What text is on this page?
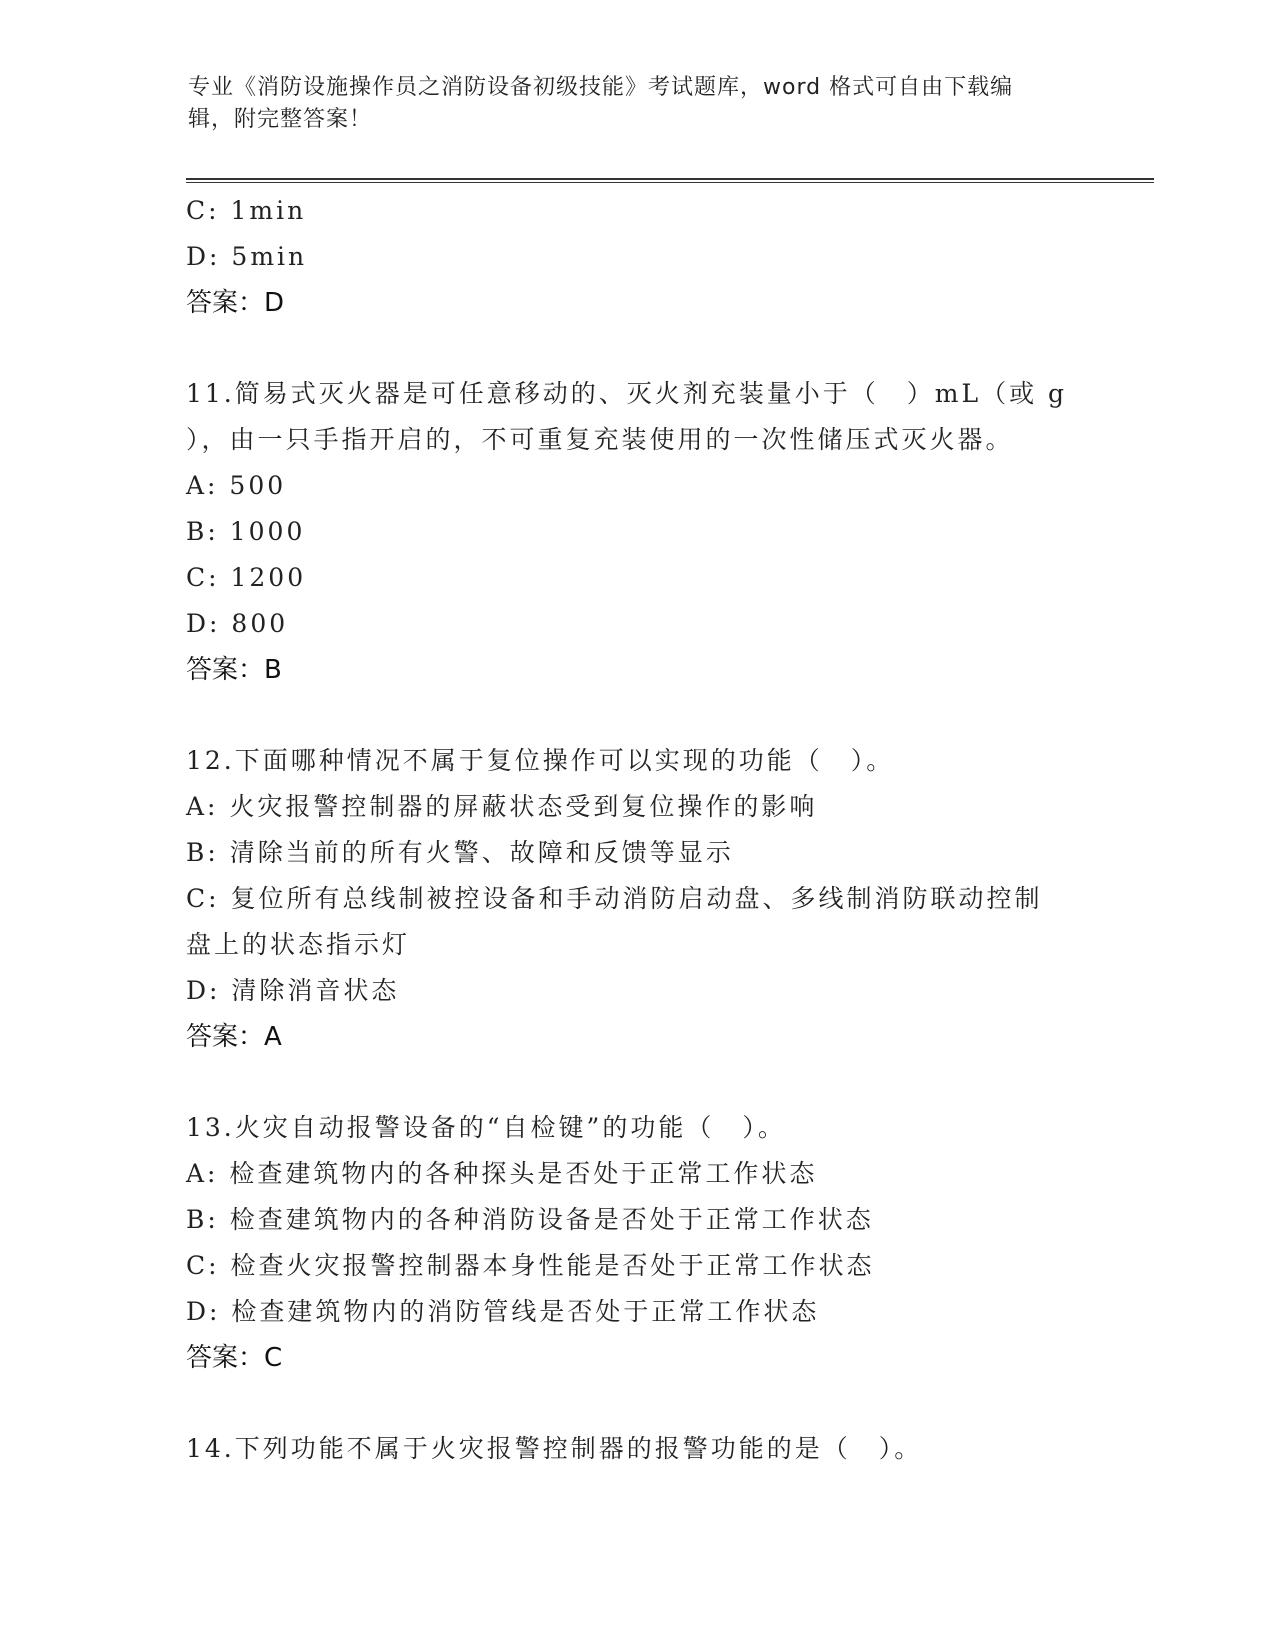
专业《消防设施操作员之消防设备初级技能》考试题库，word 格式可自由下载编
辑，附完整答案！
C: 1min
D: 5min
答案：D
11.简易式灭火器是可任意移动的、灭火剂充装量小于（　）mL（或 g
），由一只手指开启的，不可重复充装使用的一次性储压式灭火器。
A: 500
B: 1000
C: 1200
D: 800
答案：B
12.下面哪种情况不属于复位操作可以实现的功能（　）。
A: 火灾报警控制器的屏蔽状态受到复位操作的影响
B: 清除当前的所有火警、故障和反馈等显示
C: 复位所有总线制被控设备和手动消防启动盘、多线制消防联动控制
盘上的状态指示灯
D: 清除消音状态
答案：A
13.火灾自动报警设备的“自检键”的功能（　）。
A: 检查建筑物内的各种探头是否处于正常工作状态
B: 检查建筑物内的各种消防设备是否处于正常工作状态
C: 检查火灾报警控制器本身性能是否处于正常工作状态
D: 检查建筑物内的消防管线是否处于正常工作状态
答案：C
14.下列功能不属于火灾报警控制器的报警功能的是（　）。
